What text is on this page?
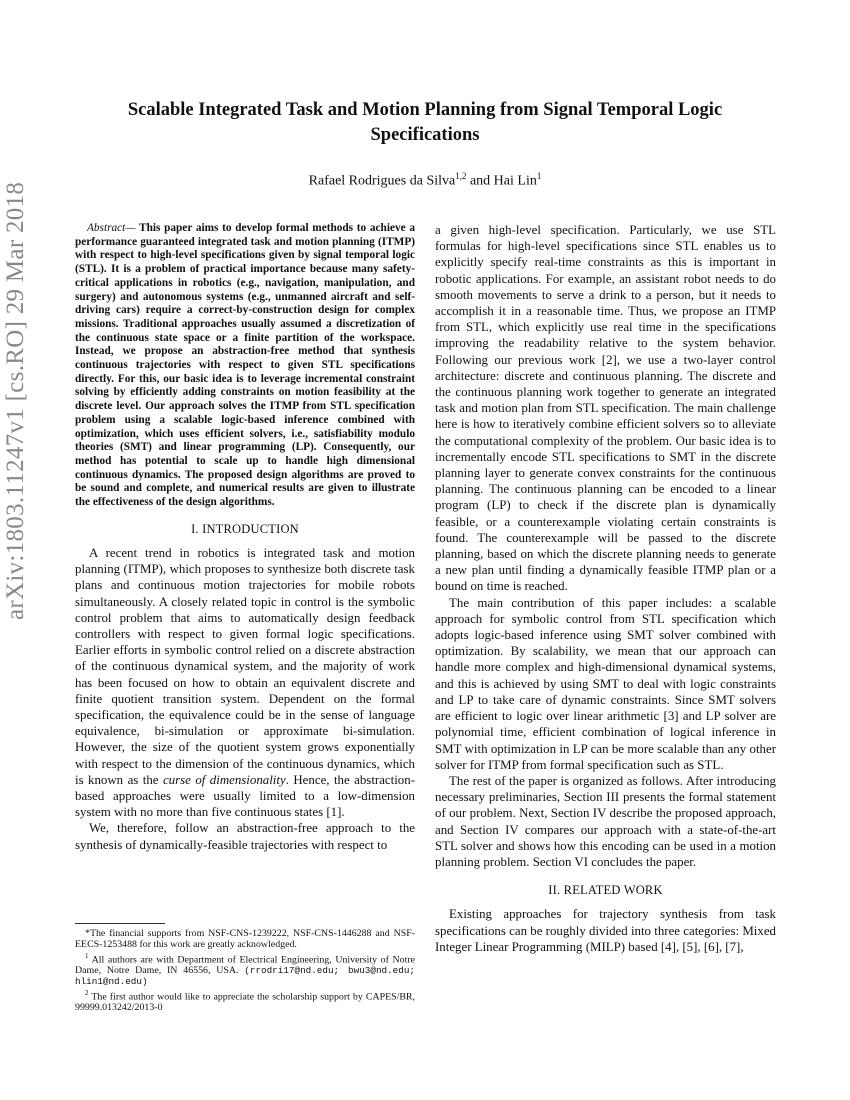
arXiv:1803.11247v1 [cs.RO] 29 Mar 2018
Scalable Integrated Task and Motion Planning from Signal Temporal Logic Specifications
Rafael Rodrigues da Silva$^{1,2}$ and Hai Lin$^1$

Abstract— This paper aims to develop formal methods to achieve a performance guaranteed integrated task and motion planning (ITMP) with respect to high-level specifications given by signal temporal logic (STL). It is a problem of practical importance because many safety-critical applications in robotics (e.g., navigation, manipulation, and surgery) and autonomous systems (e.g., unmanned aircraft and self-driving cars) require a correct-by-construction design for complex missions. Traditional approaches usually assumed a discretization of the continuous state space or a finite partition of the workspace. Instead, we propose an abstraction-free method that synthesis continuous trajectories with respect to given STL specifications directly. For this, our basic idea is to leverage incremental constraint solving by efficiently adding constraints on motion feasibility at the discrete level. Our approach solves the ITMP from STL specification problem using a scalable logic-based inference combined with optimization, which uses efficient solvers, i.e., satisfiability modulo theories (SMT) and linear programming (LP). Consequently, our method has potential to scale up to handle high dimensional continuous dynamics. The proposed design algorithms are proved to be sound and complete, and numerical results are given to illustrate the effectiveness of the design algorithms.

I. INTRODUCTION

A recent trend in robotics is integrated task and motion planning (ITMP), which proposes to synthesize both discrete task plans and continuous motion trajectories for mobile robots simultaneously. A closely related topic in control is the symbolic control problem that aims to automatically design feedback controllers with respect to given formal logic specifications. Earlier efforts in symbolic control relied on a discrete abstraction of the continuous dynamical system, and the majority of work has been focused on how to obtain an equivalent discrete and finite quotient transition system. Dependent on the formal specification, the equivalence could be in the sense of language equivalence, bi-simulation or approximate bi-simulation. However, the size of the quotient system grows exponentially with respect to the dimension of the continuous dynamics, which is known as the curse of dimensionality. Hence, the abstraction-based approaches were usually limited to a low-dimension system with no more than five continuous states [1].

We, therefore, follow an abstraction-free approach to the synthesis of dynamically-feasible trajectories with respect to

*The financial supports from NSF-CNS-1239222, NSF-CNS-1446288 and NSF- EECS-1253488 for this work are greatly acknowledged.

$^1$ All authors are with Department of Electrical Engineering, University of Notre Dame, Notre Dame, IN 46556, USA. (rrodri17@nd.edu; bwu3@nd.edu; hlin1@nd.edu)

$^2$ The first author would like to appreciate the scholarship support by CAPES/BR, 99999.013242/2013-0

a given high-level specification. Particularly, we use STL formulas for high-level specifications since STL enables us to explicitly specify real-time constraints as this is important in robotic applications. For example, an assistant robot needs to do smooth movements to serve a drink to a person, but it needs to accomplish it in a reasonable time. Thus, we propose an ITMP from STL, which explicitly use real time in the specifications improving the readability relative to the system behavior. Following our previous work [2], we use a two-layer control architecture: discrete and continuous planning. The discrete and the continuous planning work together to generate an integrated task and motion plan from STL specification. The main challenge here is how to iteratively combine efficient solvers so to alleviate the computational complexity of the problem. Our basic idea is to incrementally encode STL specifications to SMT in the discrete planning layer to generate convex constraints for the continuous planning. The continuous planning can be encoded to a linear program (LP) to check if the discrete plan is dynamically feasible, or a counterexample violating certain constraints is found. The counterexample will be passed to the discrete planning, based on which the discrete planning needs to generate a new plan until finding a dynamically feasible ITMP plan or a bound on time is reached.

The main contribution of this paper includes: a scalable approach for symbolic control from STL specification which adopts logic-based inference using SMT solver combined with optimization. By scalability, we mean that our approach can handle more complex and high-dimensional dynamical systems, and this is achieved by using SMT to deal with logic constraints and LP to take care of dynamic constraints. Since SMT solvers are efficient to logic over linear arithmetic [3] and LP solver are polynomial time, efficient combination of logical inference in SMT with optimization in LP can be more scalable than any other solver for ITMP from formal specification such as STL.

The rest of the paper is organized as follows. After introducing necessary preliminaries, Section III presents the formal statement of our problem. Next, Section IV describe the proposed approach, and Section IV compares our approach with a state-of-the-art STL solver and shows how this encoding can be used in a motion planning problem. Section VI concludes the paper.

II. RELATED WORK

Existing approaches for trajectory synthesis from task specifications can be roughly divided into three categories: Mixed Integer Linear Programming (MILP) based [4], [5], [6], [7],
